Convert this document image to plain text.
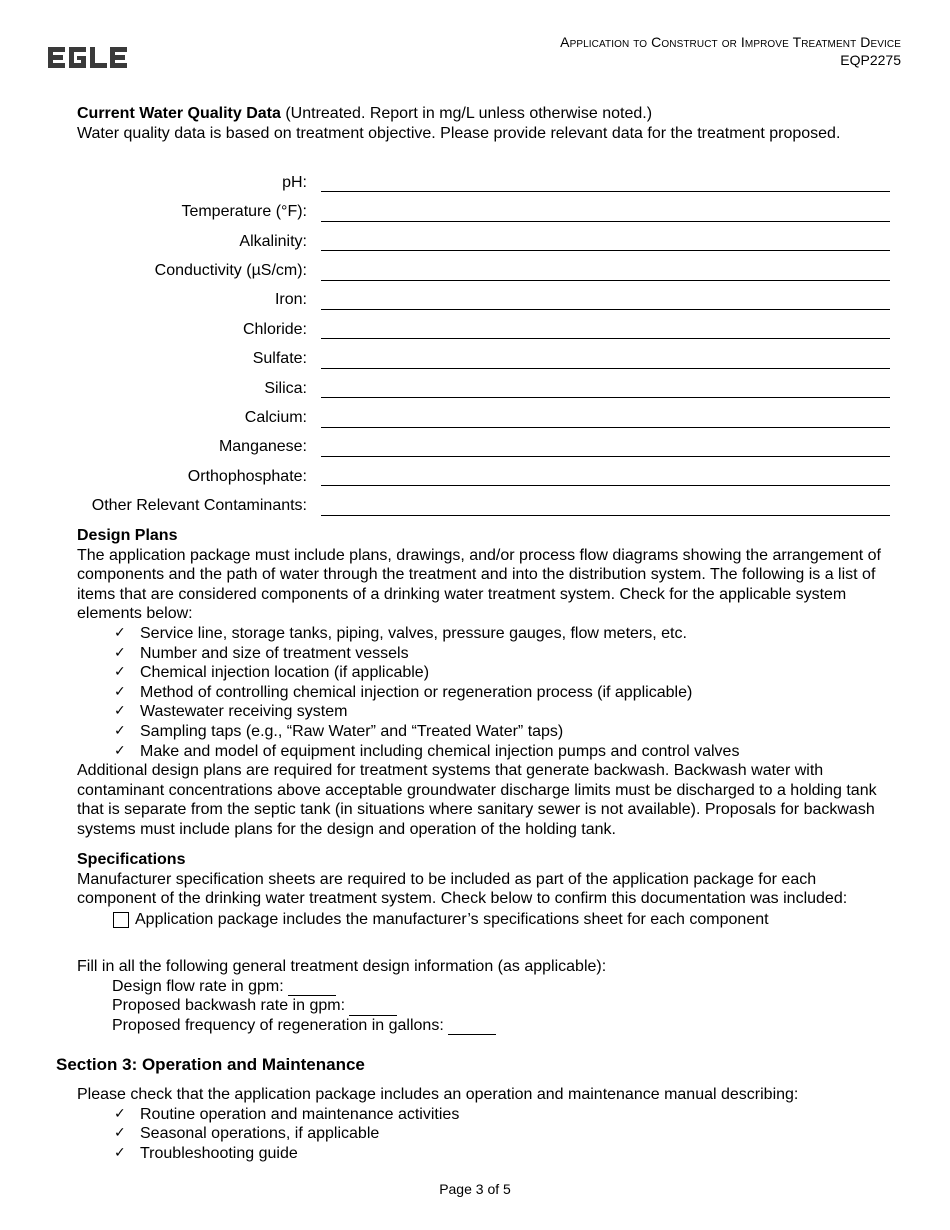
Application to Construct or Improve Treatment Device
EQP2275
Current Water Quality Data (Untreated. Report in mg/L unless otherwise noted.)
Water quality data is based on treatment objective. Please provide relevant data for the treatment proposed.
pH:
Temperature (°F):
Alkalinity:
Conductivity (µS/cm):
Iron:
Chloride:
Sulfate:
Silica:
Calcium:
Manganese:
Orthophosphate:
Other Relevant Contaminants:
Design Plans
The application package must include plans, drawings, and/or process flow diagrams showing the arrangement of components and the path of water through the treatment and into the distribution system. The following is a list of items that are considered components of a drinking water treatment system. Check for the applicable system elements below:
✓ Service line, storage tanks, piping, valves, pressure gauges, flow meters, etc.
✓ Number and size of treatment vessels
✓ Chemical injection location (if applicable)
✓ Method of controlling chemical injection or regeneration process (if applicable)
✓ Wastewater receiving system
✓ Sampling taps (e.g., “Raw Water” and “Treated Water” taps)
✓ Make and model of equipment including chemical injection pumps and control valves
Additional design plans are required for treatment systems that generate backwash. Backwash water with contaminant concentrations above acceptable groundwater discharge limits must be discharged to a holding tank that is separate from the septic tank (in situations where sanitary sewer is not available). Proposals for backwash systems must include plans for the design and operation of the holding tank.
Specifications
Manufacturer specification sheets are required to be included as part of the application package for each component of the drinking water treatment system. Check below to confirm this documentation was included:
Application package includes the manufacturer’s specifications sheet for each component
Fill in all the following general treatment design information (as applicable):
Design flow rate in gpm:
Proposed backwash rate in gpm:
Proposed frequency of regeneration in gallons:
Section 3: Operation and Maintenance
Please check that the application package includes an operation and maintenance manual describing:
✓ Routine operation and maintenance activities
✓ Seasonal operations, if applicable
✓ Troubleshooting guide
Page 3 of 5
